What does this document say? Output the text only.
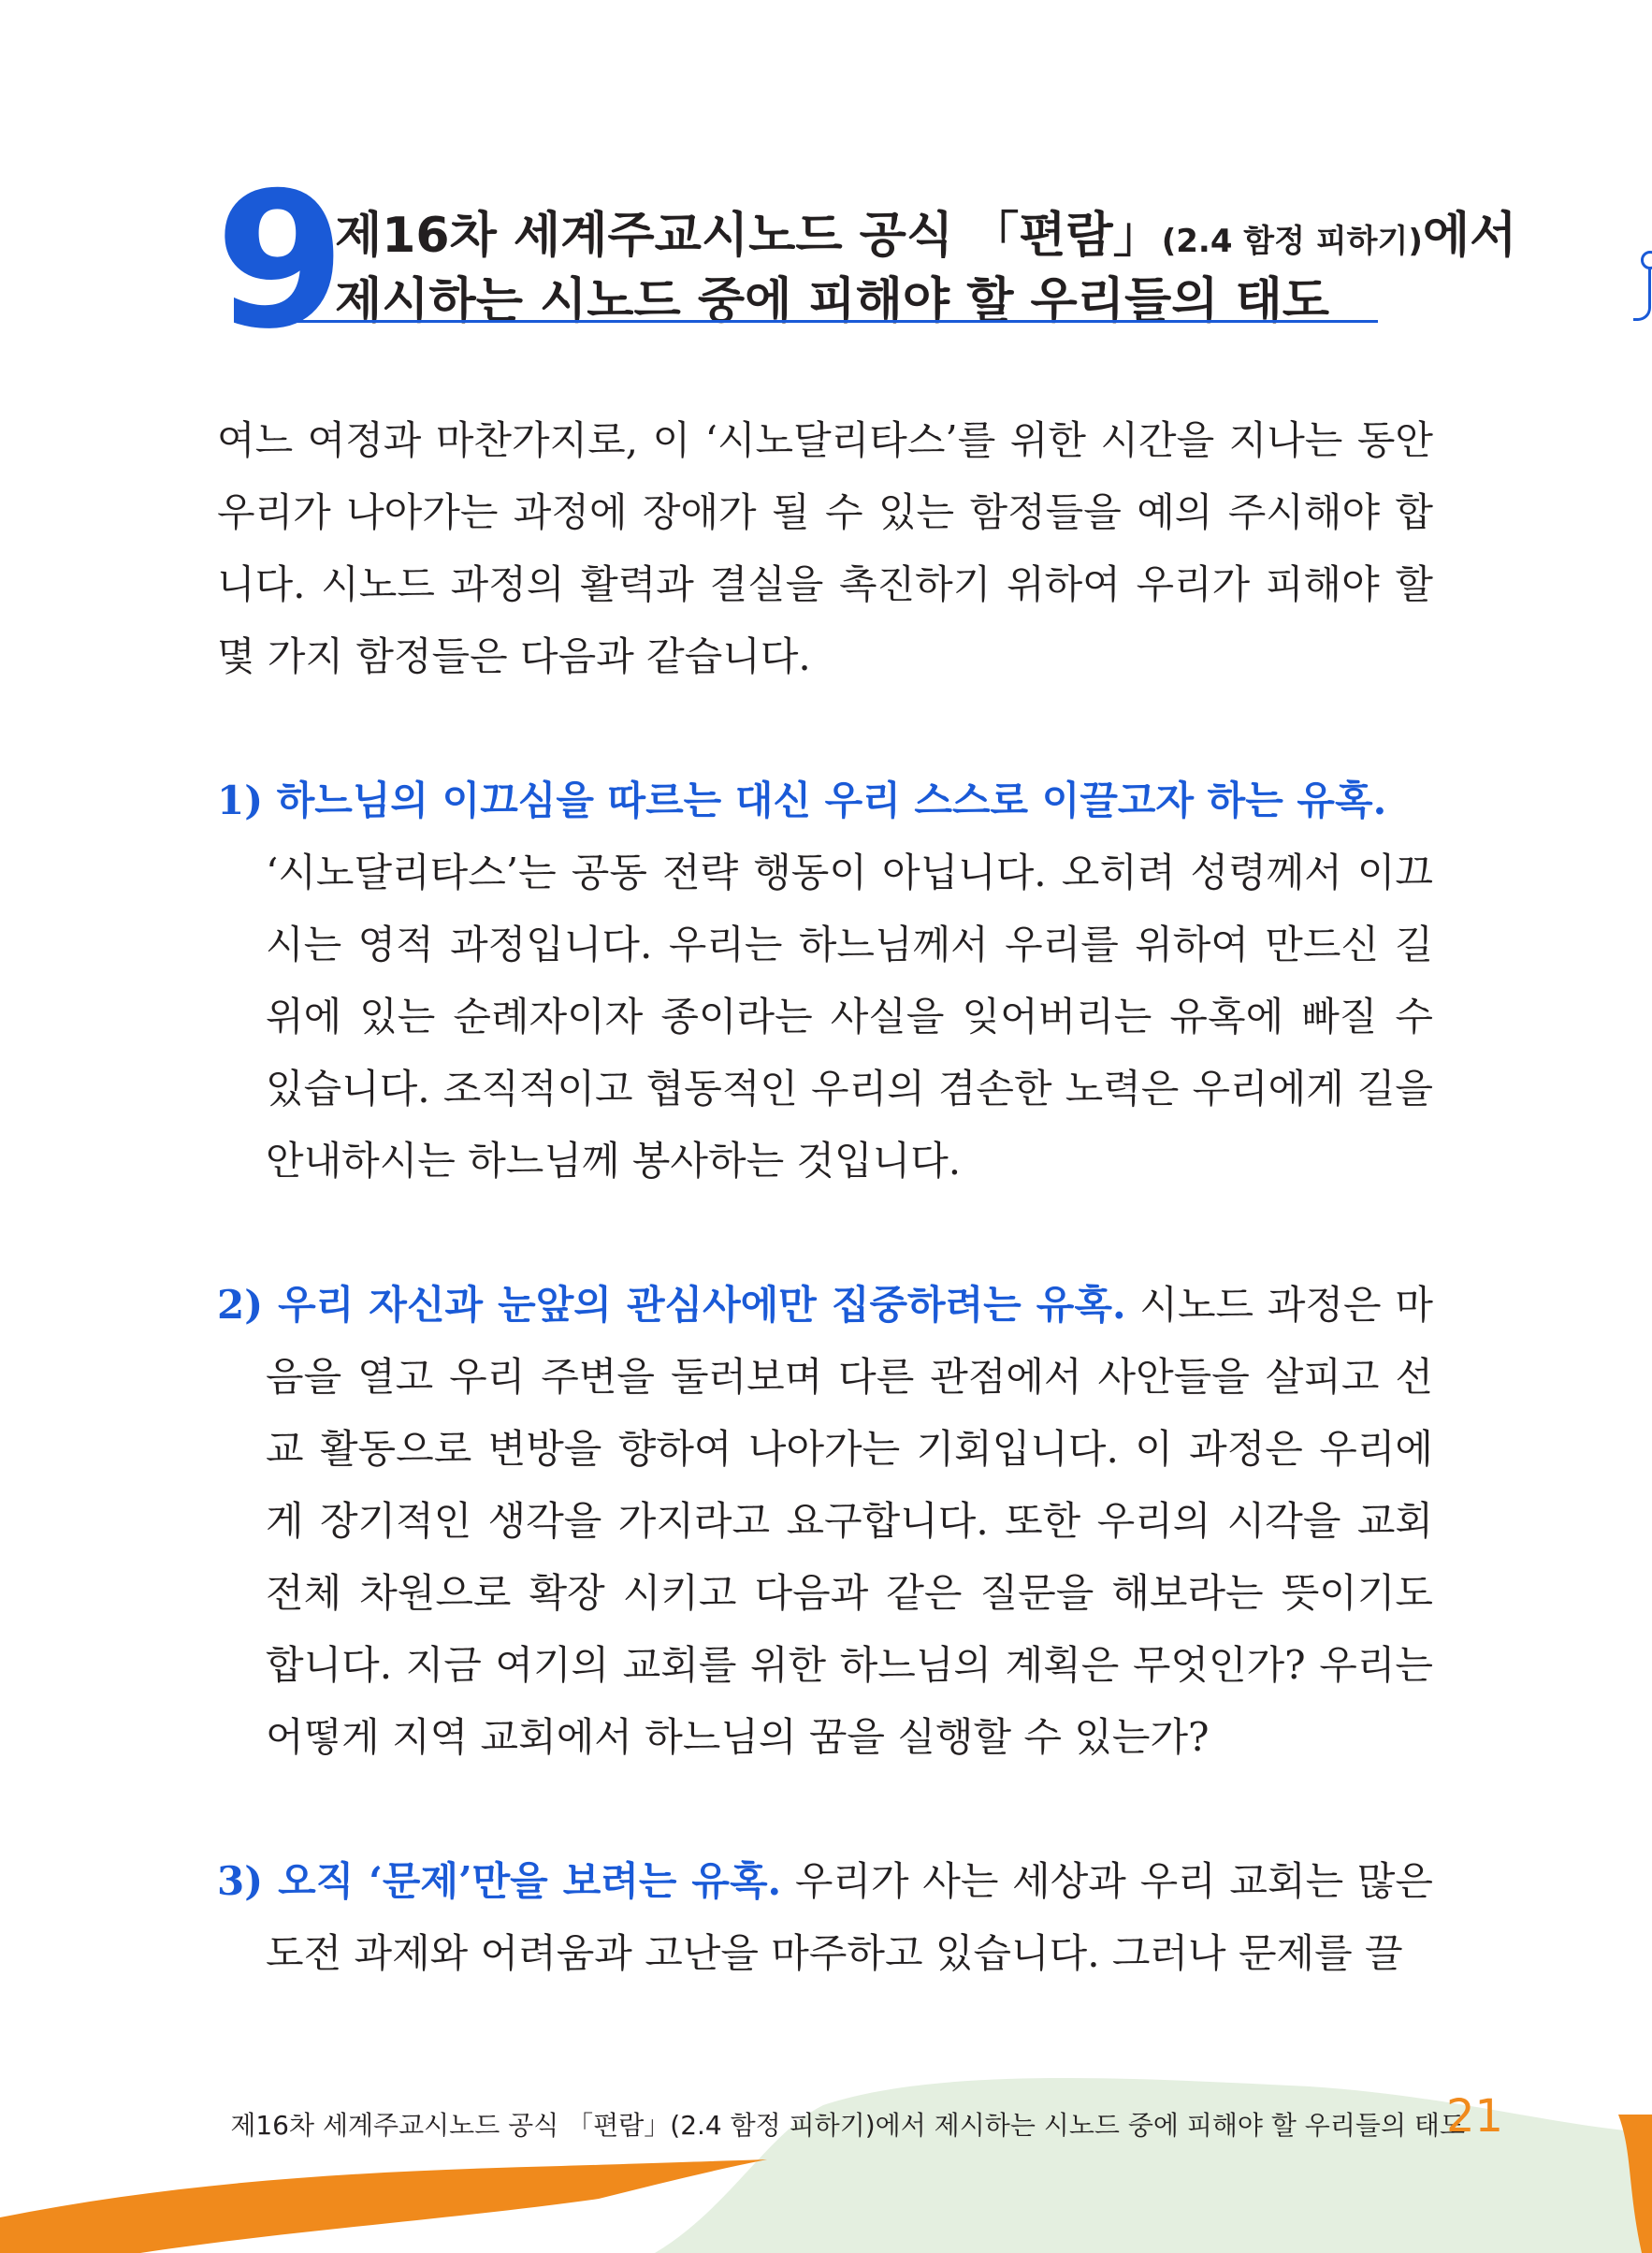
9
제16차 세계주교시노드 공식 「편람」(2.4 함정 피하기)에서
제시하는 시노드 중에 피해야 할 우리들의 태도

여느 여정과 마찬가지로, 이 ‘시노달리타스’를 위한 시간을 지나는 동안 우리가 나아가는 과정에 장애가 될 수 있는 함정들을 예의 주시해야 합니다. 시노드 과정의 활력과 결실을 촉진하기 위하여 우리가 피해야 할 몇 가지 함정들은 다음과 같습니다.

1) 하느님의 이끄심을 따르는 대신 우리 스스로 이끌고자 하는 유혹.
‘시노달리타스’는 공동 전략 행동이 아닙니다. 오히려 성령께서 이끄시는 영적 과정입니다. 우리는 하느님께서 우리를 위하여 만드신 길 위에 있는 순례자이자 종이라는 사실을 잊어버리는 유혹에 빠질 수 있습니다. 조직적이고 협동적인 우리의 겸손한 노력은 우리에게 길을 안내하시는 하느님께 봉사하는 것입니다.

2) 우리 자신과 눈앞의 관심사에만 집중하려는 유혹. 시노드 과정은 마음을 열고 우리 주변을 둘러보며 다른 관점에서 사안들을 살피고 선교 활동으로 변방을 향하여 나아가는 기회입니다. 이 과정은 우리에게 장기적인 생각을 가지라고 요구합니다. 또한 우리의 시각을 교회 전체 차원으로 확장 시키고 다음과 같은 질문을 해보라는 뜻이기도 합니다. 지금 여기의 교회를 위한 하느님의 계획은 무엇인가? 우리는 어떻게 지역 교회에서 하느님의 꿈을 실행할 수 있는가?

3) 오직 ‘문제’만을 보려는 유혹. 우리가 사는 세상과 우리 교회는 많은 도전 과제와 어려움과 고난을 마주하고 있습니다. 그러나 문제를 끌

제16차 세계주교시노드 공식 「편람」(2.4 함정 피하기)에서 제시하는 시노드 중에 피해야 할 우리들의 태도
21
